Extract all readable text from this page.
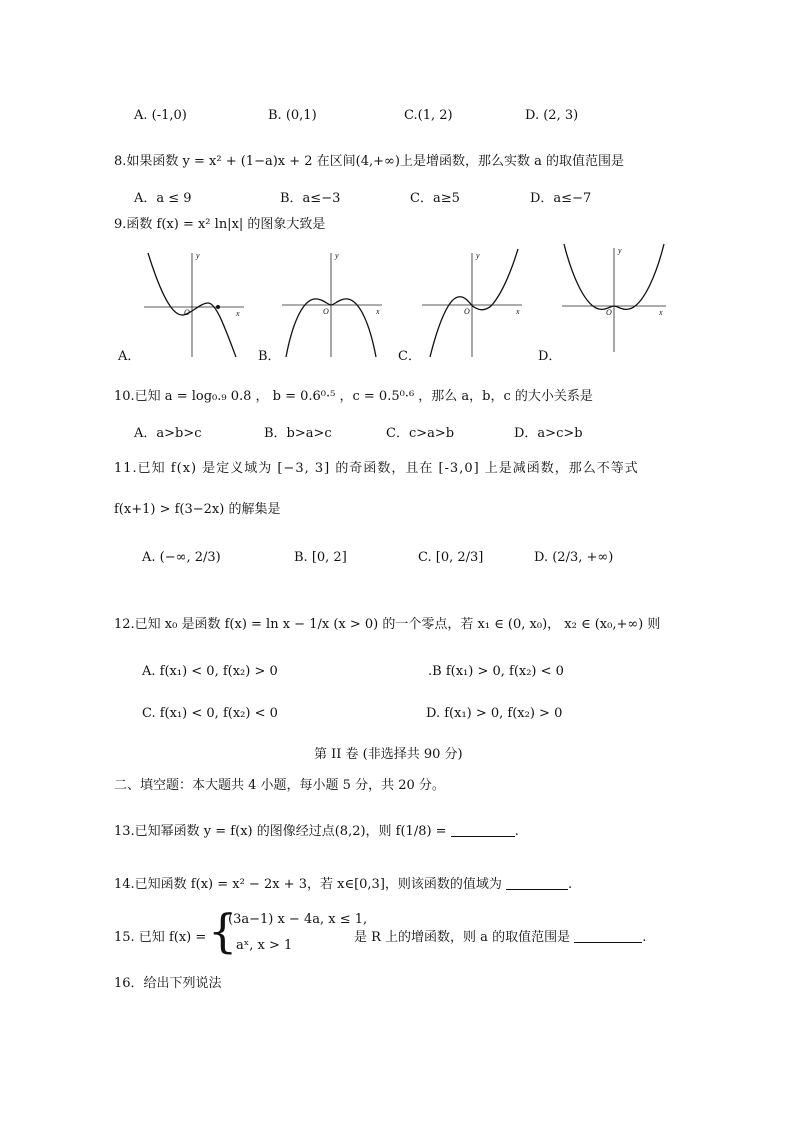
A. (-1,0)	B. (0,1)	C.(1, 2)	D. (2, 3)
8.如果函数 y = x² + (1−a)x + 2 在区间(4,+∞)上是增函数，那么实数 a 的取值范围是
A．a ≤ 9	B．a≤−3	C．a≥5	D．a≤−7
9.函数 f(x) = x² ln|x| 的图象大致是
y
x
O
A．
y
x
O
B．
y
x
O
C．
y
x
O
D．
10.已知 a = log₀.₉ 0.8 ， b = 0.6⁰·⁵ ，c = 0.5⁰·⁶ ，那么 a，b，c 的大小关系是
A．a>b>c	B．b>a>c	C．c>a>b	D．a>c>b
11.已知 f(x) 是定义域为 [−3, 3] 的奇函数，且在 [-3,0] 上是减函数，那么不等式
f(x+1) > f(3−2x) 的解集是
A. (−∞, 2/3)	B. [0, 2]	C. [0, 2/3]	D. (2/3, +∞)
12.已知 x₀ 是函数 f(x) = ln x − 1/x (x > 0) 的一个零点，若 x₁ ∈ (0, x₀)， x₂ ∈ (x₀,+∞) 则
A. f(x₁) < 0, f(x₂) > 0	.B f(x₁) > 0, f(x₂) < 0
C. f(x₁) < 0, f(x₂) < 0	D. f(x₁) > 0, f(x₂) > 0
第 II 卷 (非选择共 90 分)
二、填空题：本大题共 4 小题，每小题 5 分，共 20 分。
13.已知幂函数 y = f(x) 的图像经过点(8,2)，则 f(1/8) =	.
14.已知函数 f(x) = x² − 2x + 3，若 x∈[0,3]，则该函数的值域为	.
15. 已知 f(x) = {
(3a−1) x − 4a, x ≤ 1,
aˣ, x > 1
是 R 上的增函数，则 a 的取值范围是	.
16．给出下列说法
